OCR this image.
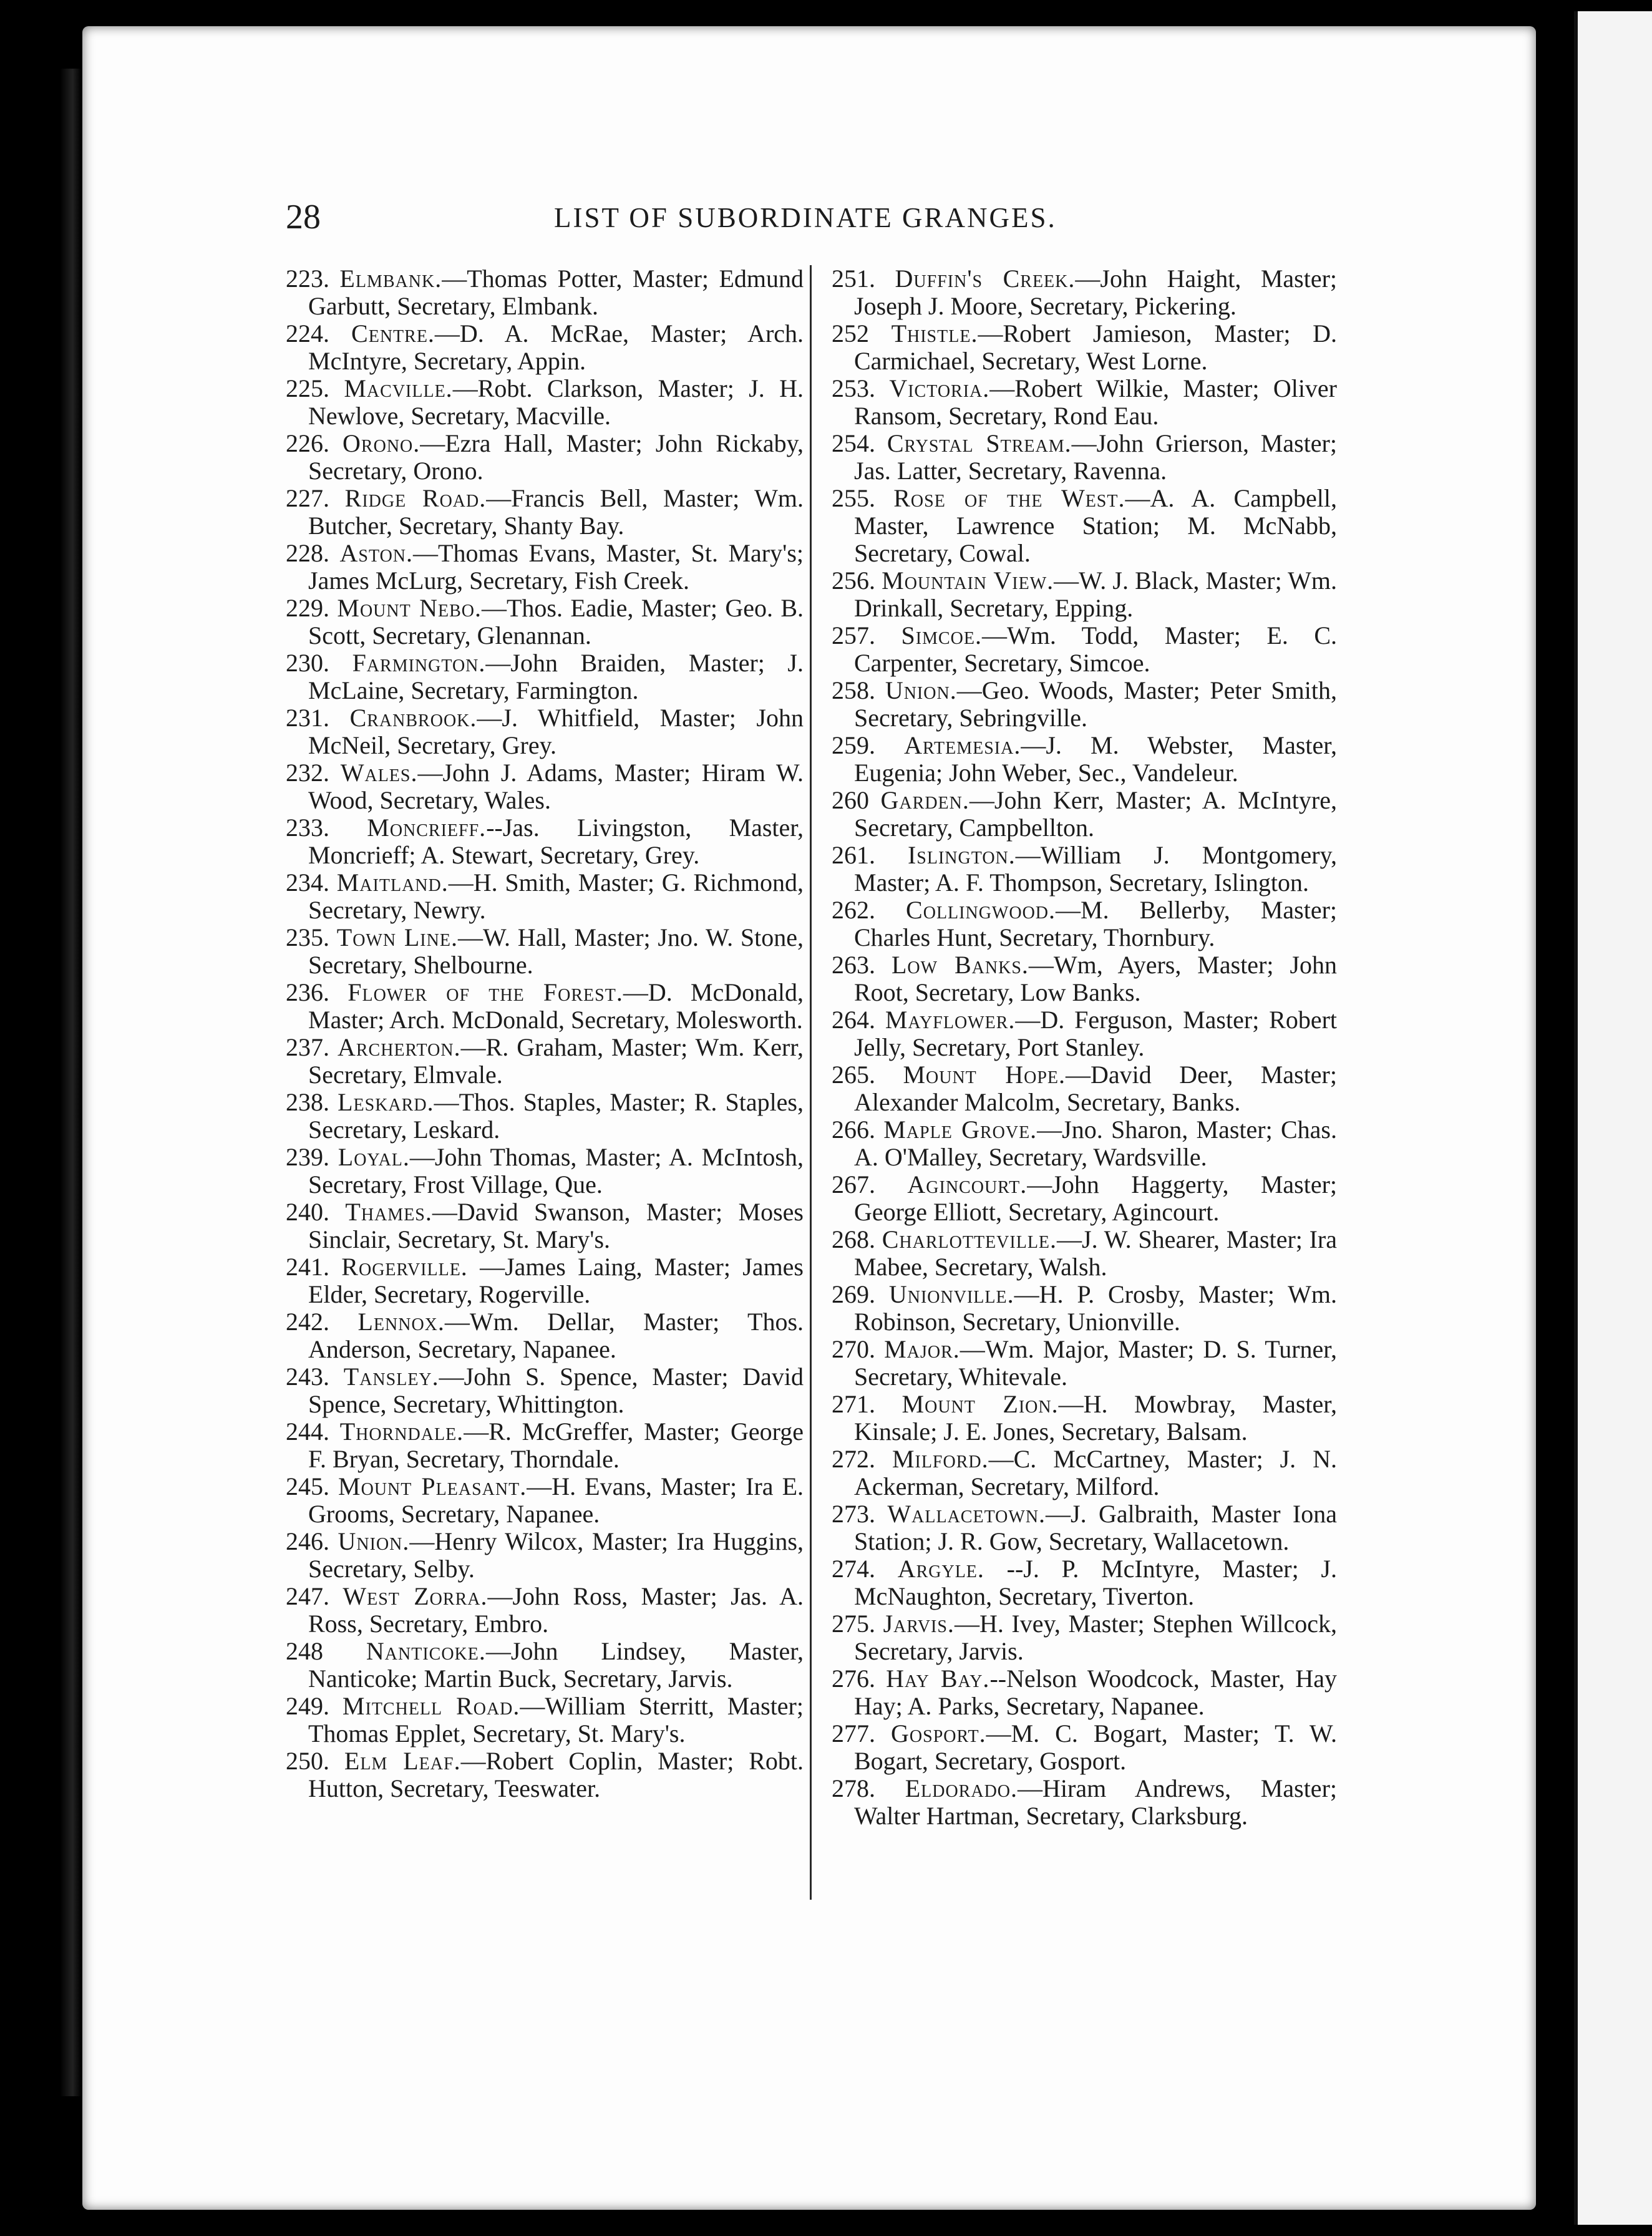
28	LIST OF SUBORDINATE GRANGES.

223. Elmbank.—Thomas Potter, Master; Edmund Garbutt, Secretary, Elmbank.

224. Centre.—D. A. McRae, Master; Arch. McIntyre, Secretary, Appin.

225. Macville.—Robt. Clarkson, Master; J. H. Newlove, Secretary, Macville.

226. Orono.—Ezra Hall, Master; John Rickaby, Secretary, Orono.

227. Ridge Road.—Francis Bell, Master; Wm. Butcher, Secretary, Shanty Bay.

228. Aston.—Thomas Evans, Master, St. Mary's; James McLurg, Secretary, Fish Creek.

229. Mount Nebo.—Thos. Eadie, Master; Geo. B. Scott, Secretary, Glenannan.

230. Farmington.—John Braiden, Master; J. McLaine, Secretary, Farmington.

231. Cranbrook.—J. Whitfield, Master; John McNeil, Secretary, Grey.

232. Wales.—John J. Adams, Master; Hiram W. Wood, Secretary, Wales.

233. Moncrieff.--Jas. Livingston, Master, Moncrieff; A. Stewart, Secretary, Grey.

234. Maitland.—H. Smith, Master; G. Richmond, Secretary, Newry.

235. Town Line.—W. Hall, Master; Jno. W. Stone, Secretary, Shelbourne.

236. Flower of the Forest.—D. McDonald, Master; Arch. McDonald, Secretary, Molesworth.

237. Archerton.—R. Graham, Master; Wm. Kerr, Secretary, Elmvale.

238. Leskard.—Thos. Staples, Master; R. Staples, Secretary, Leskard.

239. Loyal.—John Thomas, Master; A. McIntosh, Secretary, Frost Village, Que.

240. Thames.—David Swanson, Master; Moses Sinclair, Secretary, St. Mary's.

241. Rogerville. —James Laing, Master; James Elder, Secretary, Rogerville.

242. Lennox.—Wm. Dellar, Master; Thos. Anderson, Secretary, Napanee.

243. Tansley.—John S. Spence, Master; David Spence, Secretary, Whittington.

244. Thorndale.—R. McGreffer, Master; George F. Bryan, Secretary, Thorndale.

245. Mount Pleasant.—H. Evans, Master; Ira E. Grooms, Secretary, Napanee.

246. Union.—Henry Wilcox, Master; Ira Huggins, Secretary, Selby.

247. West Zorra.—John Ross, Master; Jas. A. Ross, Secretary, Embro.

248 Nanticoke.—John Lindsey, Master, Nanticoke; Martin Buck, Secretary, Jarvis.

249. Mitchell Road.—William Sterritt, Master; Thomas Epplet, Secretary, St. Mary's.

250. Elm Leaf.—Robert Coplin, Master; Robt. Hutton, Secretary, Teeswater.

251. Duffin's Creek.—John Haight, Master; Joseph J. Moore, Secretary, Pickering.

252 Thistle.—Robert Jamieson, Master; D. Carmichael, Secretary, West Lorne.

253. Victoria.—Robert Wilkie, Master; Oliver Ransom, Secretary, Rond Eau.

254. Crystal Stream.—John Grierson, Master; Jas. Latter, Secretary, Ravenna.

255. Rose of the West.—A. A. Campbell, Master, Lawrence Station; M. McNabb, Secretary, Cowal.

256. Mountain View.—W. J. Black, Master; Wm. Drinkall, Secretary, Epping.

257. Simcoe.—Wm. Todd, Master; E. C. Carpenter, Secretary, Simcoe.

258. Union.—Geo. Woods, Master; Peter Smith, Secretary, Sebringville.

259. Artemesia.—J. M. Webster, Master, Eugenia; John Weber, Sec., Vandeleur.

260 Garden.—John Kerr, Master; A. McIntyre, Secretary, Campbellton.

261. Islington.—William J. Montgomery, Master; A. F. Thompson, Secretary, Islington.

262. Collingwood.—M. Bellerby, Master; Charles Hunt, Secretary, Thornbury.

263. Low Banks.—Wm, Ayers, Master; John Root, Secretary, Low Banks.

264. Mayflower.—D. Ferguson, Master; Robert Jelly, Secretary, Port Stanley.

265. Mount Hope.—David Deer, Master; Alexander Malcolm, Secretary, Banks.

266. Maple Grove.—Jno. Sharon, Master; Chas. A. O'Malley, Secretary, Wardsville.

267. Agincourt.—John Haggerty, Master; George Elliott, Secretary, Agincourt.

268. Charlotteville.—J. W. Shearer, Master; Ira Mabee, Secretary, Walsh.

269. Unionville.—H. P. Crosby, Master; Wm. Robinson, Secretary, Unionville.

270. Major.—Wm. Major, Master; D. S. Turner, Secretary, Whitevale.

271. Mount Zion.—H. Mowbray, Master, Kinsale; J. E. Jones, Secretary, Balsam.

272. Milford.—C. McCartney, Master; J. N. Ackerman, Secretary, Milford.

273. Wallacetown.—J. Galbraith, Master Iona Station; J. R. Gow, Secretary, Wallacetown.

274. Argyle. --J. P. McIntyre, Master; J. McNaughton, Secretary, Tiverton.

275. Jarvis.—H. Ivey, Master; Stephen Willcock, Secretary, Jarvis.

276. Hay Bay.--Nelson Woodcock, Master, Hay Hay; A. Parks, Secretary, Napanee.

277. Gosport.—M. C. Bogart, Master; T. W. Bogart, Secretary, Gosport.

278. Eldorado.—Hiram Andrews, Master; Walter Hartman, Secretary, Clarksburg.
